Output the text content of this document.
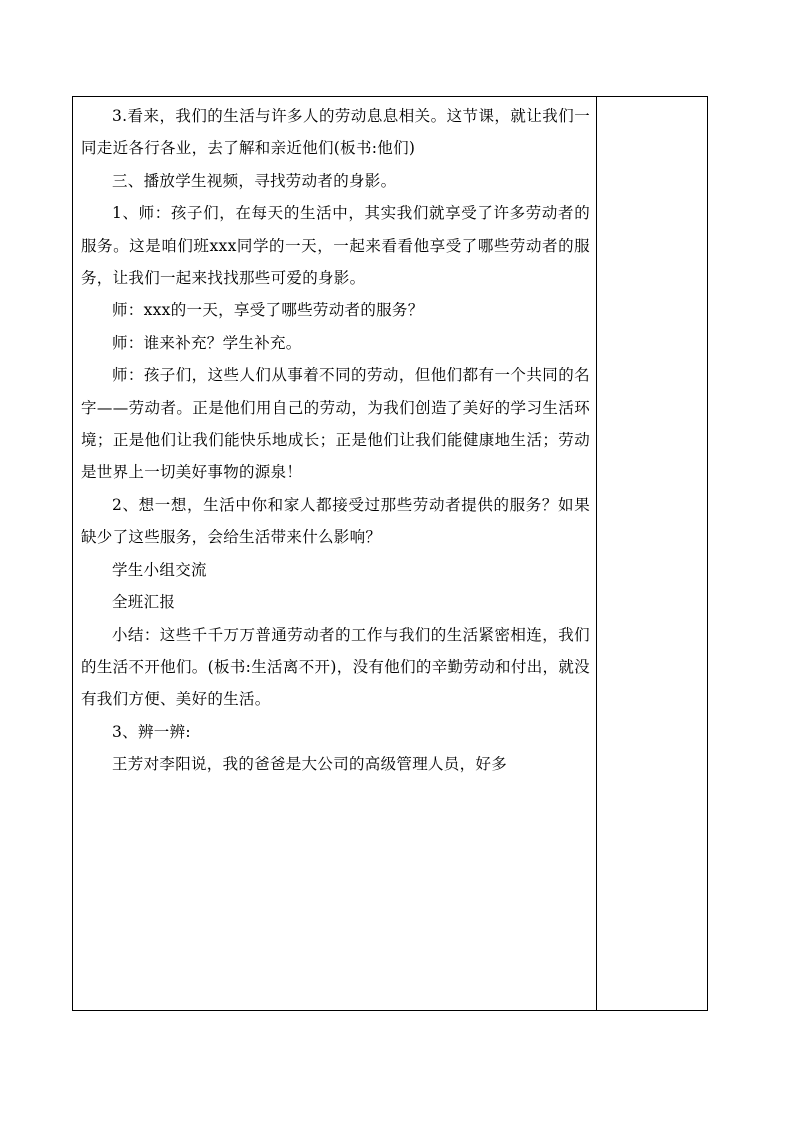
3.看来，我们的生活与许多人的劳动息息相关。这节课，就让我们一同走近各行各业，去了解和亲近他们(板书:他们)

三、播放学生视频，寻找劳动者的身影。

1、师：孩子们，在每天的生活中，其实我们就享受了许多劳动者的服务。这是咱们班xxx同学的一天，一起来看看他享受了哪些劳动者的服务，让我们一起来找找那些可爱的身影。

师：xxx的一天，享受了哪些劳动者的服务？

师：谁来补充？学生补充。

师：孩子们，这些人们从事着不同的劳动，但他们都有一个共同的名字——劳动者。正是他们用自己的劳动，为我们创造了美好的学习生活环境；正是他们让我们能快乐地成长；正是他们让我们能健康地生活；劳动是世界上一切美好事物的源泉！

2、想一想，生活中你和家人都接受过那些劳动者提供的服务？如果缺少了这些服务，会给生活带来什么影响？

学生小组交流

全班汇报

小结：这些千千万万普通劳动者的工作与我们的生活紧密相连，我们的生活不开他们。(板书:生活离不开)，没有他们的辛勤劳动和付出，就没有我们方便、美好的生活。

3、辨一辨:

王芳对李阳说，我的爸爸是大公司的高级管理人员，好多
